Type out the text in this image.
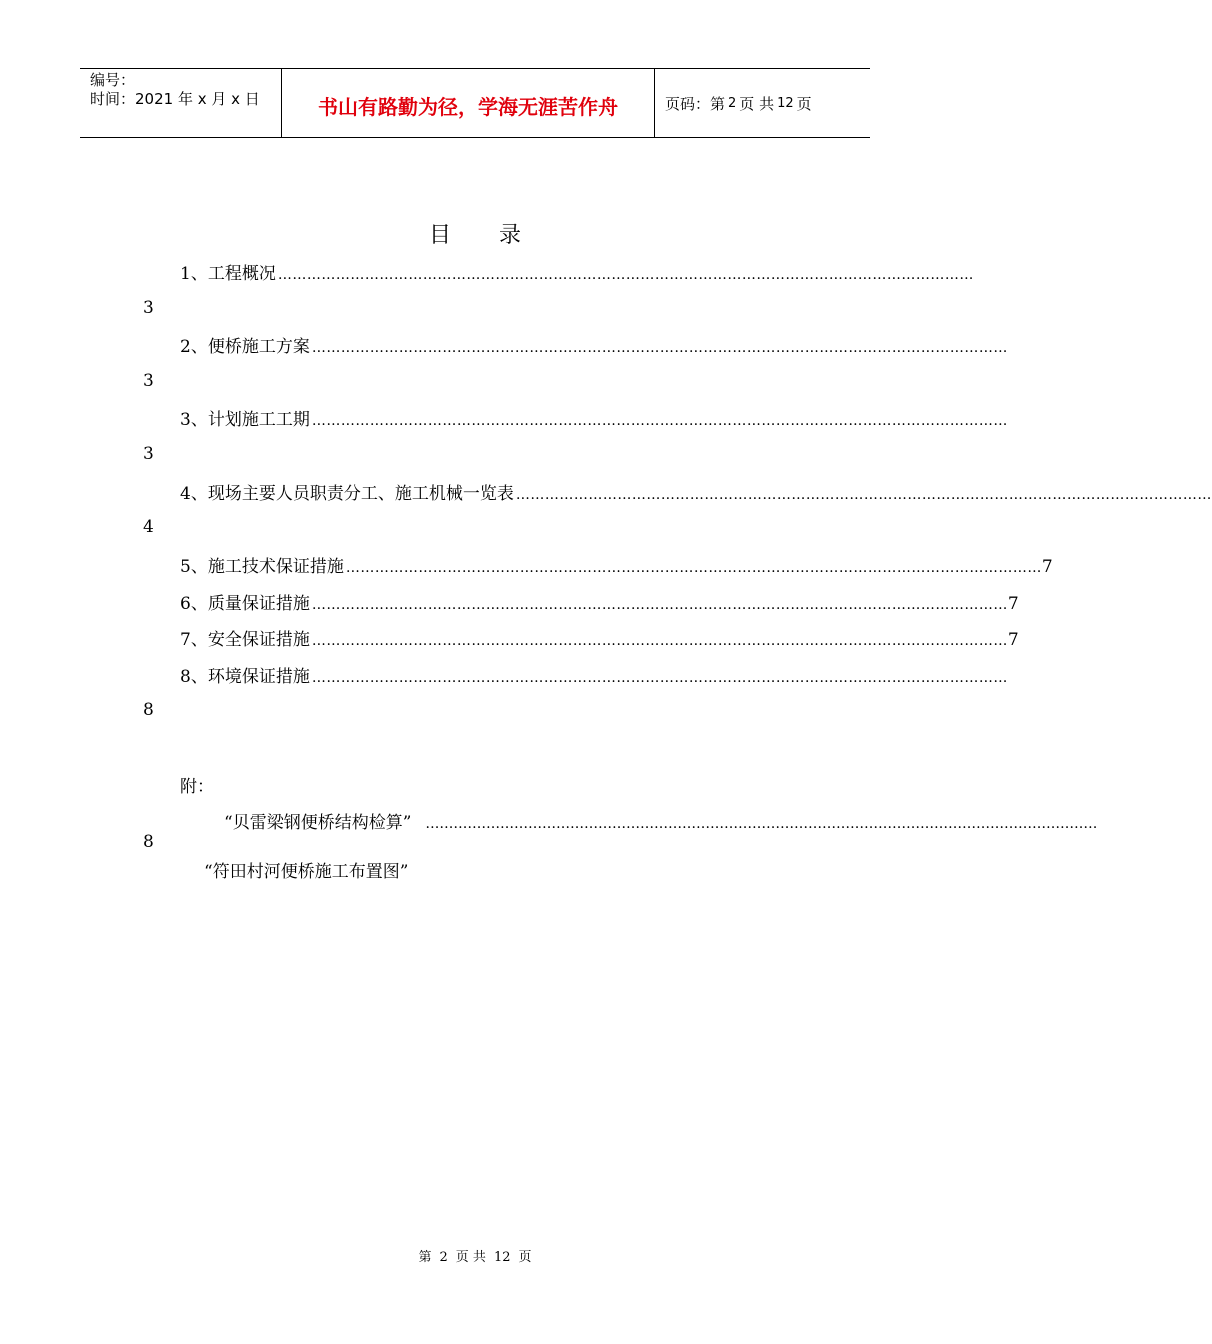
编号：
时间：2021 年 x 月 x 日	书山有路勤为径，学海无涯苦作舟	页码：第 2 页 共 12 页
目录
1、工程概况 ………………………………………………………………………………………………………………………………
3
2、便桥施工方案 ………………………………………………………………………………………………………………………………
3
3、计划施工工期 ………………………………………………………………………………………………………………………………
3
4、现场主要人员职责分工、施工机械一览表 ………………………………………………………………………………………………………………………………
4
5、施工技术保证措施 ……………………………………………………………………………………………………………………………… 7
6、质量保证措施 ……………………………………………………………………………………………………………………………… 7
7、安全保证措施 ……………………………………………………………………………………………………………………………… 7
8、环境保证措施 ………………………………………………………………………………………………………………………………
8
附：
“贝雷梁钢便桥结构检算” ………………………………………………………………………………………………………………………………
8
“符田村河便桥施工布置图”
第 2 页 共 12 页
